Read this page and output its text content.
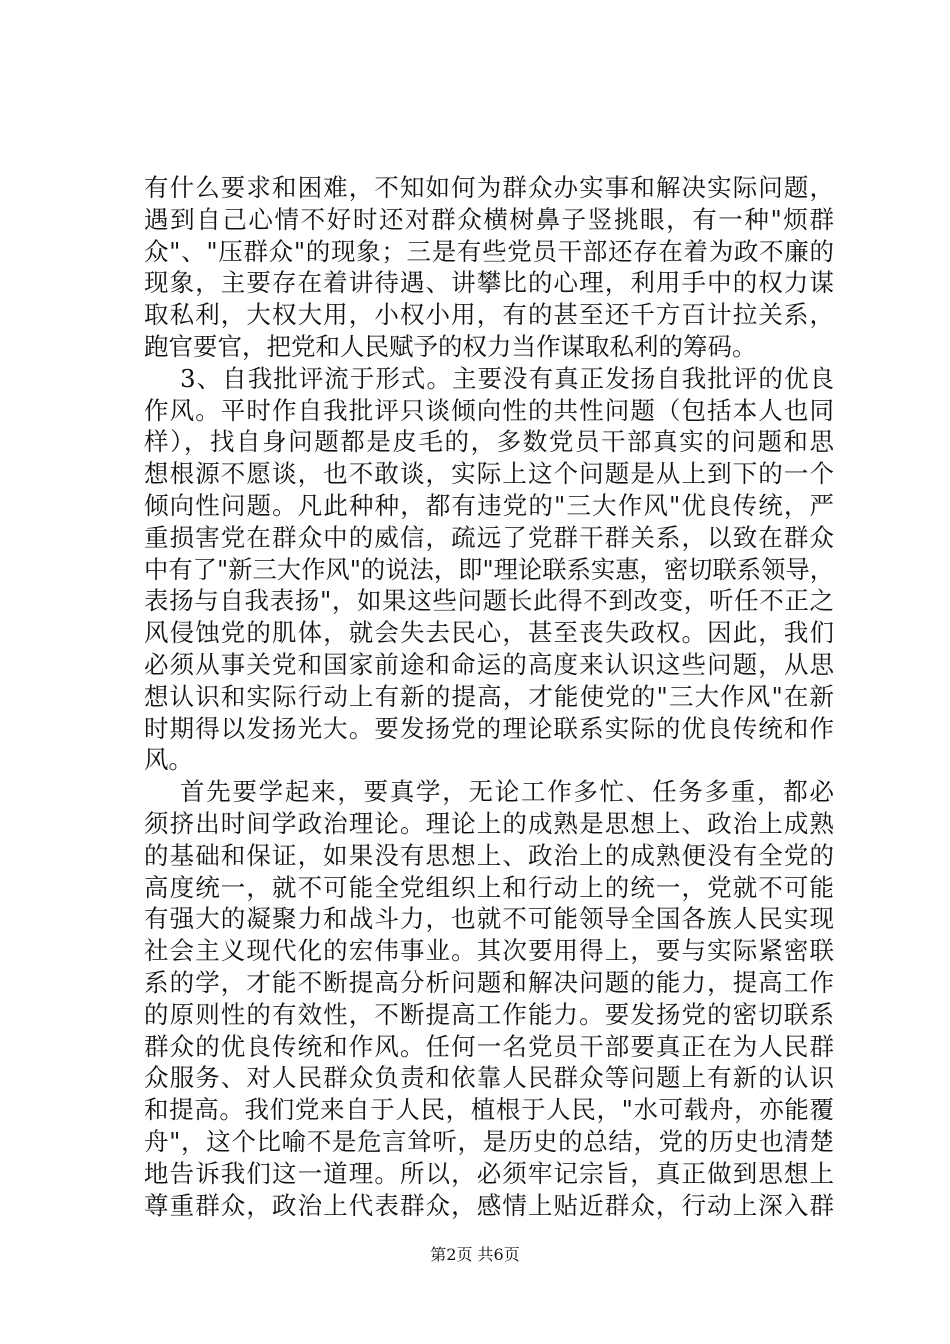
有什么要求和困难，不知如何为群众办实事和解决实际问题，
遇到自己心情不好时还对群众横树鼻子竖挑眼，有一种"烦群
众"、"压群众"的现象；三是有些党员干部还存在着为政不廉的
现象，主要存在着讲待遇、讲攀比的心理，利用手中的权力谋
取私利，大权大用，小权小用，有的甚至还千方百计拉关系，
跑官要官，把党和人民赋予的权力当作谋取私利的筹码。
3、自我批评流于形式。主要没有真正发扬自我批评的优良
作风。平时作自我批评只谈倾向性的共性问题（包括本人也同
样），找自身问题都是皮毛的，多数党员干部真实的问题和思
想根源不愿谈，也不敢谈，实际上这个问题是从上到下的一个
倾向性问题。凡此种种，都有违党的"三大作风"优良传统，严
重损害党在群众中的威信，疏远了党群干群关系，以致在群众
中有了"新三大作风"的说法，即"理论联系实惠，密切联系领导，
表扬与自我表扬"，如果这些问题长此得不到改变，听任不正之
风侵蚀党的肌体，就会失去民心，甚至丧失政权。因此，我们
必须从事关党和国家前途和命运的高度来认识这些问题，从思
想认识和实际行动上有新的提高，才能使党的"三大作风"在新
时期得以发扬光大。要发扬党的理论联系实际的优良传统和作
风。
首先要学起来，要真学，无论工作多忙、任务多重，都必
须挤出时间学政治理论。理论上的成熟是思想上、政治上成熟
的基础和保证，如果没有思想上、政治上的成熟便没有全党的
高度统一，就不可能全党组织上和行动上的统一，党就不可能
有强大的凝聚力和战斗力，也就不可能领导全国各族人民实现
社会主义现代化的宏伟事业。其次要用得上，要与实际紧密联
系的学，才能不断提高分析问题和解决问题的能力，提高工作
的原则性的有效性，不断提高工作能力。要发扬党的密切联系
群众的优良传统和作风。任何一名党员干部要真正在为人民群
众服务、对人民群众负责和依靠人民群众等问题上有新的认识
和提高。我们党来自于人民，植根于人民，"水可载舟，亦能覆
舟"，这个比喻不是危言耸听，是历史的总结，党的历史也清楚
地告诉我们这一道理。所以，必须牢记宗旨，真正做到思想上
尊重群众，政治上代表群众，感情上贴近群众，行动上深入群
第2页 共6页
